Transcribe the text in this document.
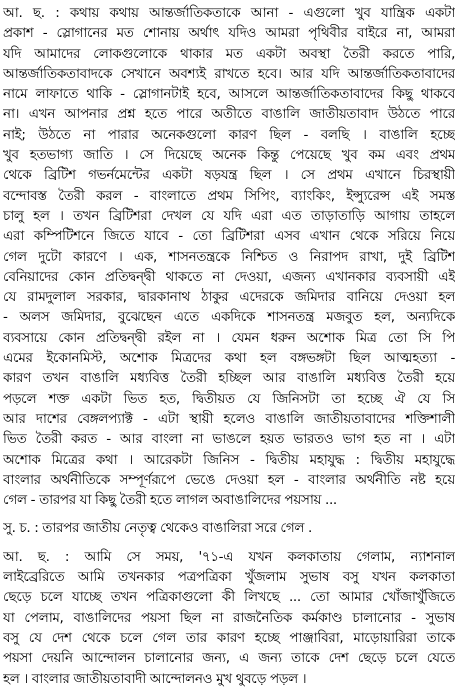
আ. ছ. : কথায় কথায় আন্তর্জাতিকতাকে আনা - এগুলো খুব যান্ত্রিক একটা
প্রকাশ - স্লোগানের মত শোনায় অর্থাৎ যদিও আমরা পৃথিবীর বাইরে না, আমরা
যদি আমাদের লোকগুলোকে থাকার মত একটা অবস্থা তৈরী করতে পারি,
আন্তর্জাতিকতাবাদকে সেখানে অবশ্যই রাখতে হবে। আর যদি আন্তর্জাতিকতাবাদের
নামে লাফাতে থাকি - স্লোগানটাই হবে, আসলে আন্তর্জাতিকতাবাদের কিছু থাকবে
না। এখন আপনার প্রশ্ন হতে পারে অতীতে বাঙালি জাতীয়তাবাদ উঠতে পারে
নাই; উঠতে না পারার অনেকগুলো কারণ ছিল - বলছি । বাঙালি হচ্ছে
খুব হতভাগ্য জাতি । সে দিয়েছে অনেক কিন্তু পেয়েছে খুব কম এবং প্রথম
থেকে ব্রিটিশ গভর্নমেন্টের একটা ষড়যন্ত্র ছিল । সে প্রথম এখানে চিরস্থায়ী
বন্দোবস্ত তৈরী করল - বাংলাতে প্রথম সিপিং, ব্যাংকিং, ইন্স্যুরেন্স এই সমস্ত
চালু হল । তখন ব্রিটিশরা দেখল যে যদি এরা এত তাড়াতাড়ি আগায় তাহলে
এরা কম্পিটিশনে জিতে যাবে - তো ব্রিটিশরা এসব এখান থেকে সরিয়ে নিয়ে
গেল দুটো কারণে । এক, শাসনতন্ত্রকে নিশ্চিত ও নিরাপদ রাখা, দুই ব্রিটিশ
বেনিয়াদের কোন প্রতিদ্বন্দ্বী থাকতে না দেওয়া, এজন্য এখানকার ব্যবসায়ী এই
যে রামদুলাল সরকার, দ্বারকানাথ ঠাকুর এদেরকে জমিদার বানিয়ে দেওয়া হল
- অলস জমিদার, বুঝেছেন এতে একদিকে শাসনতন্ত্র মজবুত হল, অন্যদিকে
ব্যবসায়ে কোন প্রতিদ্বন্দ্বী রইল না । যেমন ধরুন অশোক মিত্র তো সি পি
এমের ইকোনমিস্ট, অশোক মিত্রদের কথা হল বঙ্গভঙ্গটা ছিল আত্মহত্যা -
কারণ তখন বাঙালি মধ্যবিত্ত তৈরী হচ্ছিল আর বাঙালি মধ্যবিত্ত তৈরী হয়ে
পড়লে শক্ত একটা ভিত হত, দ্বিতীয়ত যে জিনিসটা তা হচ্ছে ঐ যে সি
আর দাশের বেঙ্গলপ্যাক্ট - এটা স্থায়ী হলেও বাঙালি জাতীয়তাবাদের শক্তিশালী
ভিত তৈরী করত - আর বাংলা না ভাঙলে হয়ত ভারতও ভাগ হত না । এটা
অশোক মিত্রের কথা । আরেকটা জিনিস - দ্বিতীয় মহাযুদ্ধ : দ্বিতীয় মহাযুদ্ধে
বাংলার অর্থনীতিকে সম্পূর্ণরূপে ভেঙে দেওয়া হল - বাংলার অর্থনীতি নষ্ট হয়ে
গেল - তারপর যা কিছু তৈরী হতে লাগল অবাঙালিদের পয়সায় ...
সু. চ. : তারপর জাতীয় নেতৃত্ব থেকেও বাঙালিরা সরে গেল .
আ. ছ. : আমি সে সময়, '৭১-এ যখন কলকাতায় গেলাম, ন্যাশনাল
লাইব্রেরিতে আমি তখনকার পত্রপত্রিকা খুঁজলাম সুভাষ বসু যখন কলকাতা
ছেড়ে চলে যাচ্ছে তখন পত্রিকাগুলো কী লিখছে ... তো আমার খোঁজাখুঁজিতে
যা পেলাম, বাঙালিদের পয়সা ছিল না রাজনৈতিক কর্মকাণ্ড চালানোর - সুভাষ
বসু যে দেশ থেকে চলে গেল তার কারণ হচ্ছে পাঞ্জাবিরা, মাড়োয়ারিরা তাকে
পয়সা দেয়নি আন্দোলন চালানোর জন্য, এ জন্য তাকে দেশ ছেড়ে চলে যেতে
হল । বাংলার জাতীয়তাবাদী আন্দোলনও মুখ থুবড়ে পড়ল ।
